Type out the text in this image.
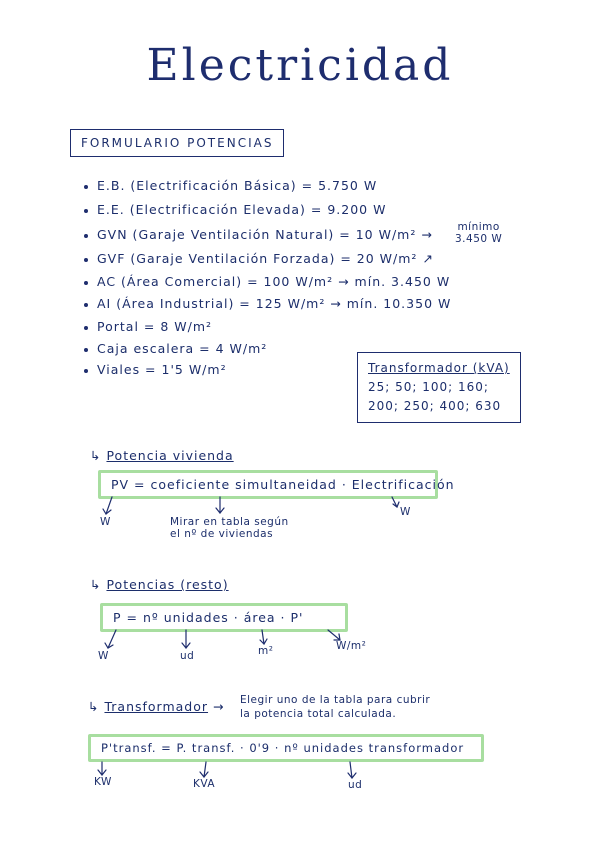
Electricidad
FORMULARIO POTENCIAS
E.B. (Electrificación Básica) = 5.750 W
E.E. (Electrificación Elevada) = 9.200 W
GVN (Garaje Ventilación Natural) = 10 W/m² → mínimo
3.450 W
GVF (Garaje Ventilación Forzada) = 20 W/m² ↗
AC (Área Comercial) = 100 W/m² → mín. 3.450 W
AI (Área Industrial) = 125 W/m² → mín. 10.350 W
Portal = 8 W/m²
Caja escalera = 4 W/m²
Viales = 1'5 W/m²	Transformador (kVA)
25; 50; 100; 160;
200; 250; 400; 630
↳ Potencia vivienda
PV = coeficiente simultaneidad · Electrificación
W
W
Mirar en tabla según
el nº de viviendas
↳ Potencias (resto)
P = nº unidades · área · P'
W	ud	m²	W/m²
↳ Transformador → Elegir uno de la tabla para cubrir
la potencia total calculada.
P'transf. = P. transf. · 0'9 · nº unidades transformador
KW	KVA	ud
